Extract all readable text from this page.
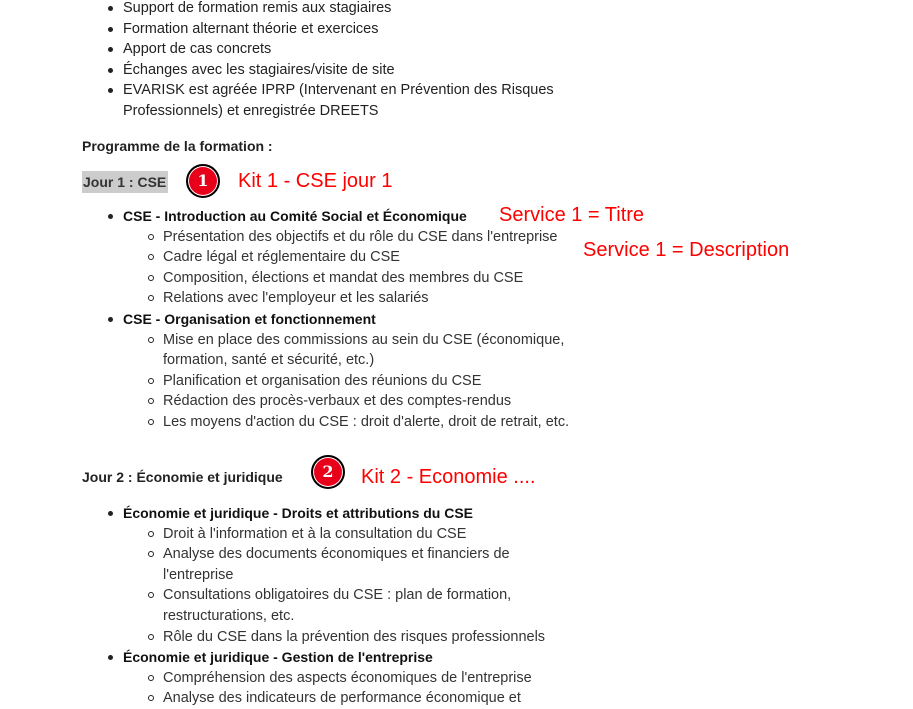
Support de formation remis aux stagiaires
Formation alternant théorie et exercices
Apport de cas concrets
Échanges avec les stagiaires/visite de site
EVARISK est agréée IPRP (Intervenant en Prévention des Risques Professionnels) et enregistrée DREETS
Programme de la formation :
Jour 1 : CSE	1	Kit 1 - CSE jour 1
Service 1 = Titre
Service 1 = Description
CSE - Introduction au Comité Social et Économique
Présentation des objectifs et du rôle du CSE dans l'entreprise
Cadre légal et réglementaire du CSE
Composition, élections et mandat des membres du CSE
Relations avec l'employeur et les salariés
CSE - Organisation et fonctionnement
Mise en place des commissions au sein du CSE (économique, formation, santé et sécurité, etc.)
Planification et organisation des réunions du CSE
Rédaction des procès-verbaux et des comptes-rendus
Les moyens d'action du CSE : droit d'alerte, droit de retrait, etc.
Jour 2 : Économie et juridique	2	Kit 2 - Economie ....
Économie et juridique - Droits et attributions du CSE
Droit à l'information et à la consultation du CSE
Analyse des documents économiques et financiers de l'entreprise
Consultations obligatoires du CSE : plan de formation, restructurations, etc.
Rôle du CSE dans la prévention des risques professionnels
Économie et juridique - Gestion de l'entreprise
Compréhension des aspects économiques de l'entreprise
Analyse des indicateurs de performance économique et
